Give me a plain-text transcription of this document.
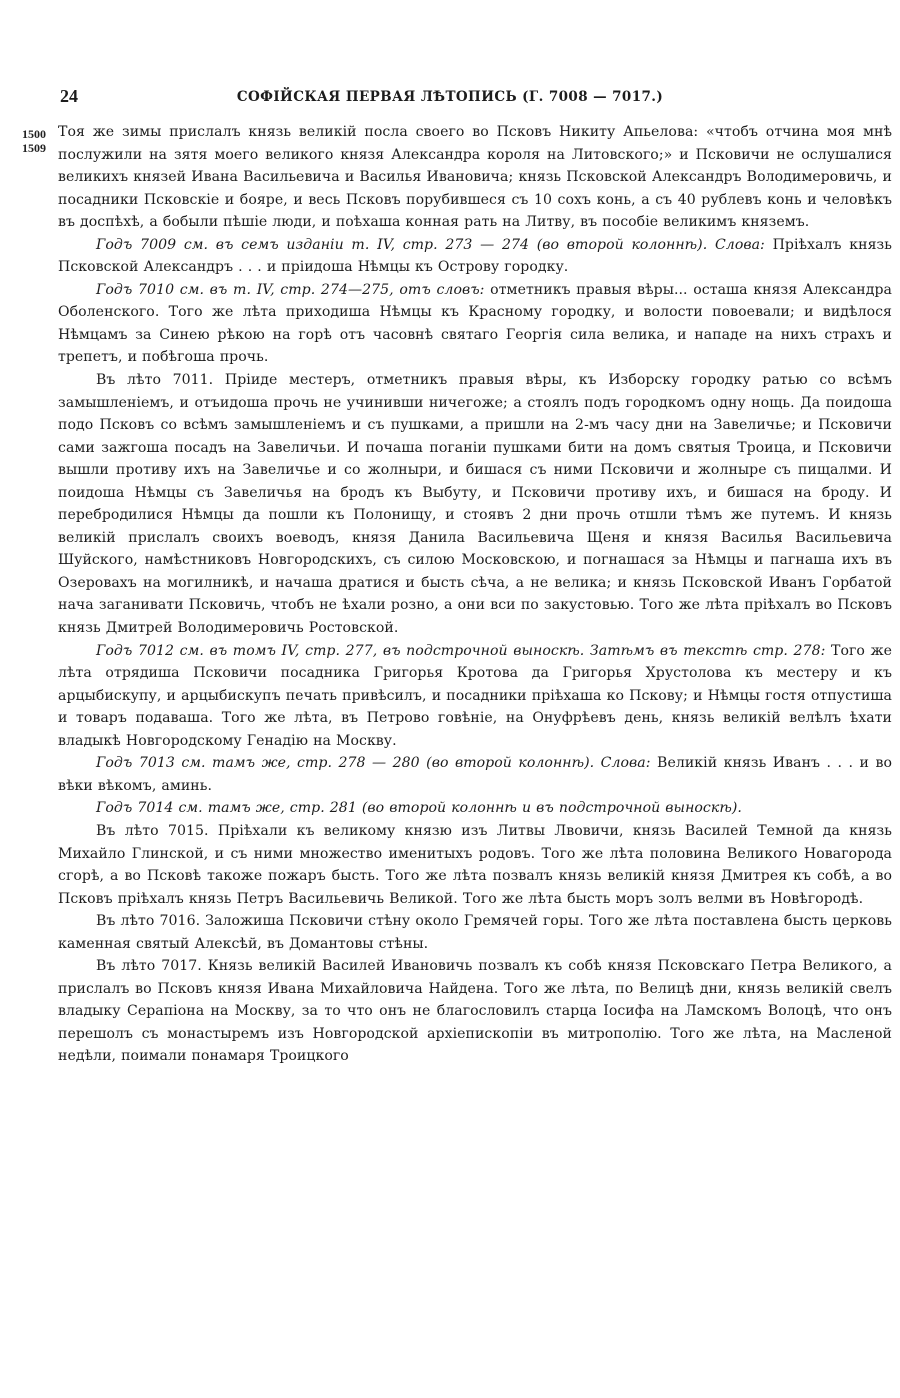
24	СОФІЙСКАЯ ПЕРВАЯ ЛѢТОПИСЬ (Г. 7008 — 7017.)
1500
1509

Тоя же зимы прислалъ князь великій посла своего во Псковъ Никиту Апьелова: «чтобъ отчина моя мнѣ послужили на зятя моего великого князя Александра короля на Литовского;» и Псковичи не ослушалися великихъ князей Ивана Васильевича и Василья Ивановича; князь Псковской Александръ Володимеровичь, и посадники Псковскіе и бояре, и весь Псковъ порубившеся съ 10 сохъ конь, а съ 40 рублевъ конь и человѣкъ въ доспѣхѣ, а бобыли пѣшіе люди, и поѣхаша конная рать на Литву, въ пособіе великимъ княземъ.

Годъ 7009 см. въ семъ изданіи т. IV, стр. 273 — 274 (во второй колоннѣ). Слова: Пріѣхалъ князь Псковской Александръ . . . и пріидоша Нѣмцы къ Острову городку.

Годъ 7010 см. въ т. IV, стр. 274—275, отъ словъ: отметникъ правыя вѣры... осташа князя Александра Оболенского. Того же лѣта приходиша Нѣмцы къ Красному городку, и волости повоевали; и видѣлося Нѣмцамъ за Синею рѣкою на горѣ отъ часовнѣ святаго Георгія сила велика, и нападе на нихъ страхъ и трепетъ, и побѣгоша прочь.

Въ лѣто 7011. Пріиде местеръ, отметникъ правыя вѣры, къ Изборску городку ратью со всѣмъ замышленіемъ, и отъидоша прочь не учинивши ничегоже; а стоялъ подъ городкомъ одну нощь. Да поидоша подо Псковъ со всѣмъ замышленіемъ и съ пушками, а пришли на 2-мъ часу дни на Завеличье; и Псковичи сами зажгоша посадъ на Завеличьи. И почаша поганіи пушками бити на домъ святыя Троица, и Псковичи вышли противу ихъ на Завеличье и со жолныри, и бишася съ ними Псковичи и жолныре съ пищалми. И поидоша Нѣмцы съ Завеличья на бродъ къ Выбуту, и Псковичи противу ихъ, и бишася на броду. И перебродилися Нѣмцы да пошли къ Полонищу, и стоявъ 2 дни прочь отшли тѣмъ же путемъ. И князь великій прислалъ своихъ воеводъ, князя Данила Васильевича Щеня и князя Василья Васильевича Шуйского, намѣстниковъ Новгородскихъ, съ силою Московскою, и погнашася за Нѣмцы и пагнаша ихъ въ Озеровахъ на могилникѣ, и начаша дратися и бысть сѣча, а не велика; и князь Псковской Иванъ Горбатой нача заганивати Псковичь, чтобъ не ѣхали розно, а они вси по закустовью. Того же лѣта пріѣхалъ во Псковъ князь Дмитрей Володимеровичь Ростовской.

Годъ 7012 см. въ томъ IV, стр. 277, въ подстрочной выноскѣ. Затѣмъ въ текстѣ стр. 278: Того же лѣта отрядиша Псковичи посадника Григорья Кротова да Григорья Хрустолова къ местеру и къ арцыбискупу, и арцыбискупъ печать привѣсилъ, и посадники пріѣхаша ко Пскову; и Нѣмцы гостя отпустиша и товаръ подаваша. Того же лѣта, въ Петрово говѣніе, на Онуфрѣевъ день, князь великій велѣлъ ѣхати владыкѣ Новгородскому Генадію на Москву.

Годъ 7013 см. тамъ же, стр. 278 — 280 (во второй колоннѣ). Слова: Великій князь Иванъ . . . и во вѣки вѣкомъ, аминь.

Годъ 7014 см. тамъ же, стр. 281 (во второй колоннѣ и въ подстрочной выноскѣ).

Въ лѣто 7015. Пріѣхали къ великому князю изъ Литвы Лвовичи, князь Василей Темной да князь Михайло Глинской, и съ ними множество именитыхъ родовъ. Того же лѣта половина Великого Новагорода сгорѣ, а во Псковѣ такоже пожаръ бысть. Того же лѣта позвалъ князь великій князя Дмитрея къ собѣ, а во Псковъ пріѣхалъ князь Петръ Васильевичь Великой. Того же лѣта бысть моръ золъ велми въ Новѣгородѣ.

Въ лѣто 7016. Заложиша Псковичи стѣну около Гремячей горы. Того же лѣта поставлена бысть церковь каменная святый Алексѣй, въ Домантовы стѣны.

Въ лѣто 7017. Князь великій Василей Ивановичь позвалъ къ собѣ князя Псковскаго Петра Великого, а прислалъ во Псковъ князя Ивана Михайловича Найдена. Того же лѣта, по Велицѣ дни, князь великій свелъ владыку Серапіона на Москву, за то что онъ не благословилъ старца Іосифа на Ламскомъ Волоцѣ, что онъ перешолъ съ монастыремъ изъ Новгородской архіепископіи въ митрополію. Того же лѣта, на Масленой недѣли, поимали понамаря Троицкого
